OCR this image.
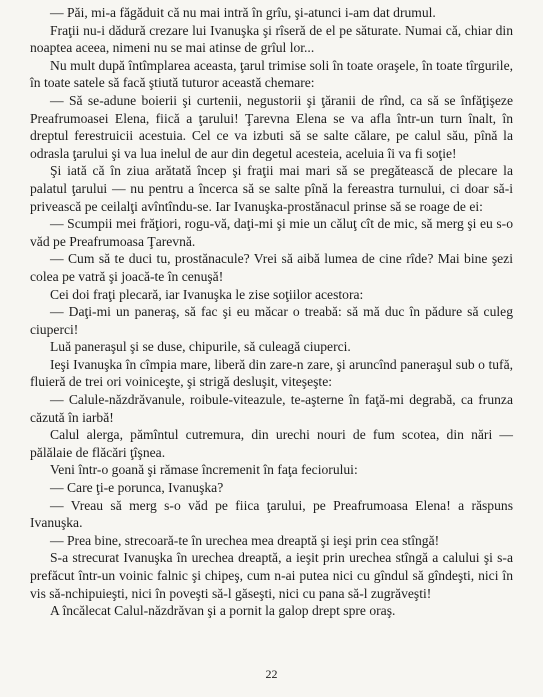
— Păi, mi-a făgăduit că nu mai intră în grîu, şi-atunci i-am dat drumul.

Fraţii nu-i dădură crezare lui Ivanuşka şi rîseră de el pe săturate. Numai că, chiar din noaptea aceea, nimeni nu se mai atinse de grîul lor...

Nu mult după întîmplarea aceasta, ţarul trimise soli în toate oraşele, în toate tîrgurile, în toate satele să facă ştiută tuturor această chemare:

— Să se-adune boierii şi curtenii, negustorii şi ţăranii de rînd, ca să se înfăţişeze Preafrumoasei Elena, fiică a ţarului! Ţarevna Elena se va afla într-un turn înalt, în dreptul ferestruicii acestuia. Cel ce va izbuti să se salte călare, pe calul său, pînă la odrasla ţarului şi va lua inelul de aur din degetul acesteia, aceluia îi va fi soţie!

Şi iată că în ziua arătată încep şi fraţii mai mari să se pregătească de plecare la palatul ţarului — nu pentru a încerca să se salte pînă la fereastra turnului, ci doar să-i privească pe ceilalţi avîntîndu-se. Iar Ivanuşka-prostănacul prinse să se roage de ei:

— Scumpii mei frăţiori, rogu-vă, daţi-mi şi mie un căluţ cît de mic, să merg şi eu s-o văd pe Preafrumoasa Ţarevnă.

— Cum să te duci tu, prostănacule? Vrei să aibă lumea de cine rîde? Mai bine şezi colea pe vatră şi joacă-te în cenuşă!

Cei doi fraţi plecară, iar Ivanuşka le zise soţiilor acestora:

— Daţi-mi un paneraş, să fac şi eu măcar o treabă: să mă duc în pădure să culeg ciuperci!

Luă paneraşul şi se duse, chipurile, să culeagă ciuperci.

Ieşi Ivanuşka în cîmpia mare, liberă din zare-n zare, şi aruncînd paneraşul sub o tufă, fluieră de trei ori voiniceşte, şi strigă desluşit, viteşeşte:

— Calule-năzdrăvanule, roibule-viteazule, te-aşterne în faţă-mi degrabă, ca frunza căzută în iarbă!

Calul alerga, pămîntul cutremura, din urechi nouri de fum scotea, din nări — pălălaie de flăcări ţîşnea.

Veni într-o goană şi rămase încremenit în faţa feciorului:

— Care ţi-e porunca, Ivanuşka?

— Vreau să merg s-o văd pe fiica ţarului, pe Preafrumoasa Elena! a răspuns Ivanuşka.

— Prea bine, strecoară-te în urechea mea dreaptă şi ieşi prin cea stîngă!

S-a strecurat Ivanuşka în urechea dreaptă, a ieşit prin urechea stîngă a calului şi s-a prefăcut într-un voinic falnic şi chipeş, cum n-ai putea nici cu gîndul să gîndeşti, nici în vis să-nchipuieşti, nici în poveşti să-l găseşti, nici cu pana să-l zugrăveşti!

A încălecat Calul-năzdrăvan şi a pornit la galop drept spre oraş.

22
